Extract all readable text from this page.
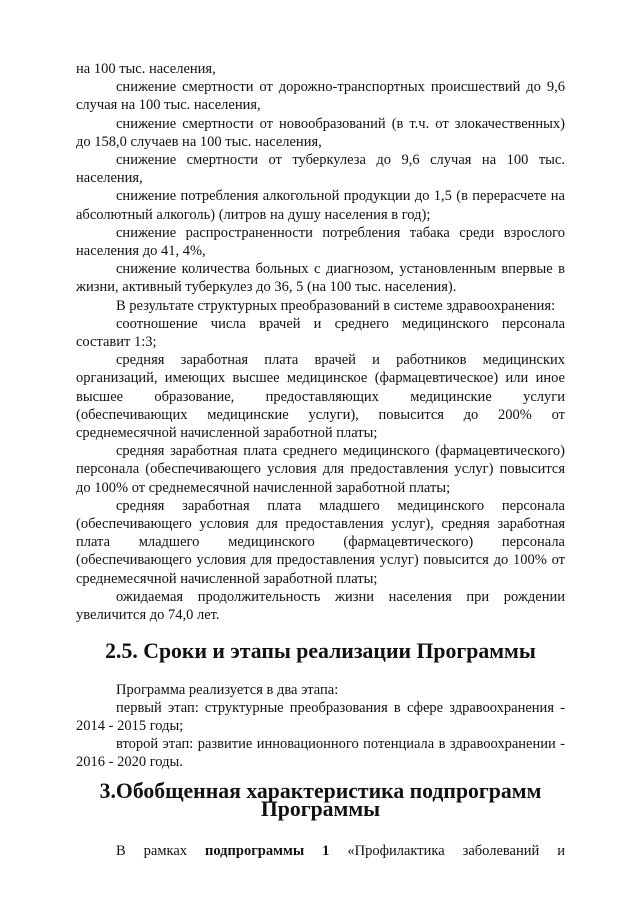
на 100 тыс. населения,

снижение смертности от дорожно-транспортных происшествий до 9,6 случая на 100 тыс. населения,

снижение смертности от новообразований (в т.ч. от злокачественных) до 158,0 случаев на 100 тыс. населения,

снижение смертности от туберкулеза до 9,6 случая на 100 тыс. населения,

снижение потребления алкогольной продукции до 1,5 (в перерасчете на абсолютный алкоголь) (литров на душу населения в год);

снижение распространенности потребления табака среди взрослого населения до 41, 4%,

снижение количества больных с диагнозом, установленным впервые в жизни, активный туберкулез до 36, 5 (на 100 тыс. населения).

В результате структурных преобразований в системе здравоохранения:

соотношение числа врачей и среднего медицинского персонала составит 1:3;

средняя заработная плата врачей и работников медицинских организаций, имеющих высшее медицинское (фармацевтическое) или иное высшее образование, предоставляющих медицинские услуги (обеспечивающих медицинские услуги), повысится до 200% от среднемесячной начисленной заработной платы;

средняя заработная плата среднего медицинского (фармацевтического) персонала (обеспечивающего условия для предоставления услуг) повысится до 100% от среднемесячной начисленной заработной платы;

средняя заработная плата младшего медицинского персонала (обеспечивающего условия для предоставления услуг), средняя заработная плата младшего медицинского (фармацевтического) персонала (обеспечивающего условия для предоставления услуг) повысится до 100% от среднемесячной начисленной заработной платы;

ожидаемая продолжительность жизни населения при рождении увеличится до 74,0 лет.

2.5. Сроки и этапы реализации Программы

Программа реализуется в два этапа:

первый этап: структурные преобразования в сфере здравоохранения - 2014 - 2015 годы;

второй этап: развитие инновационного потенциала в здравоохранении - 2016 - 2020 годы.

3.Обобщенная характеристика подпрограмм Программы

В рамках подпрограммы 1 «Профилактика заболеваний и
